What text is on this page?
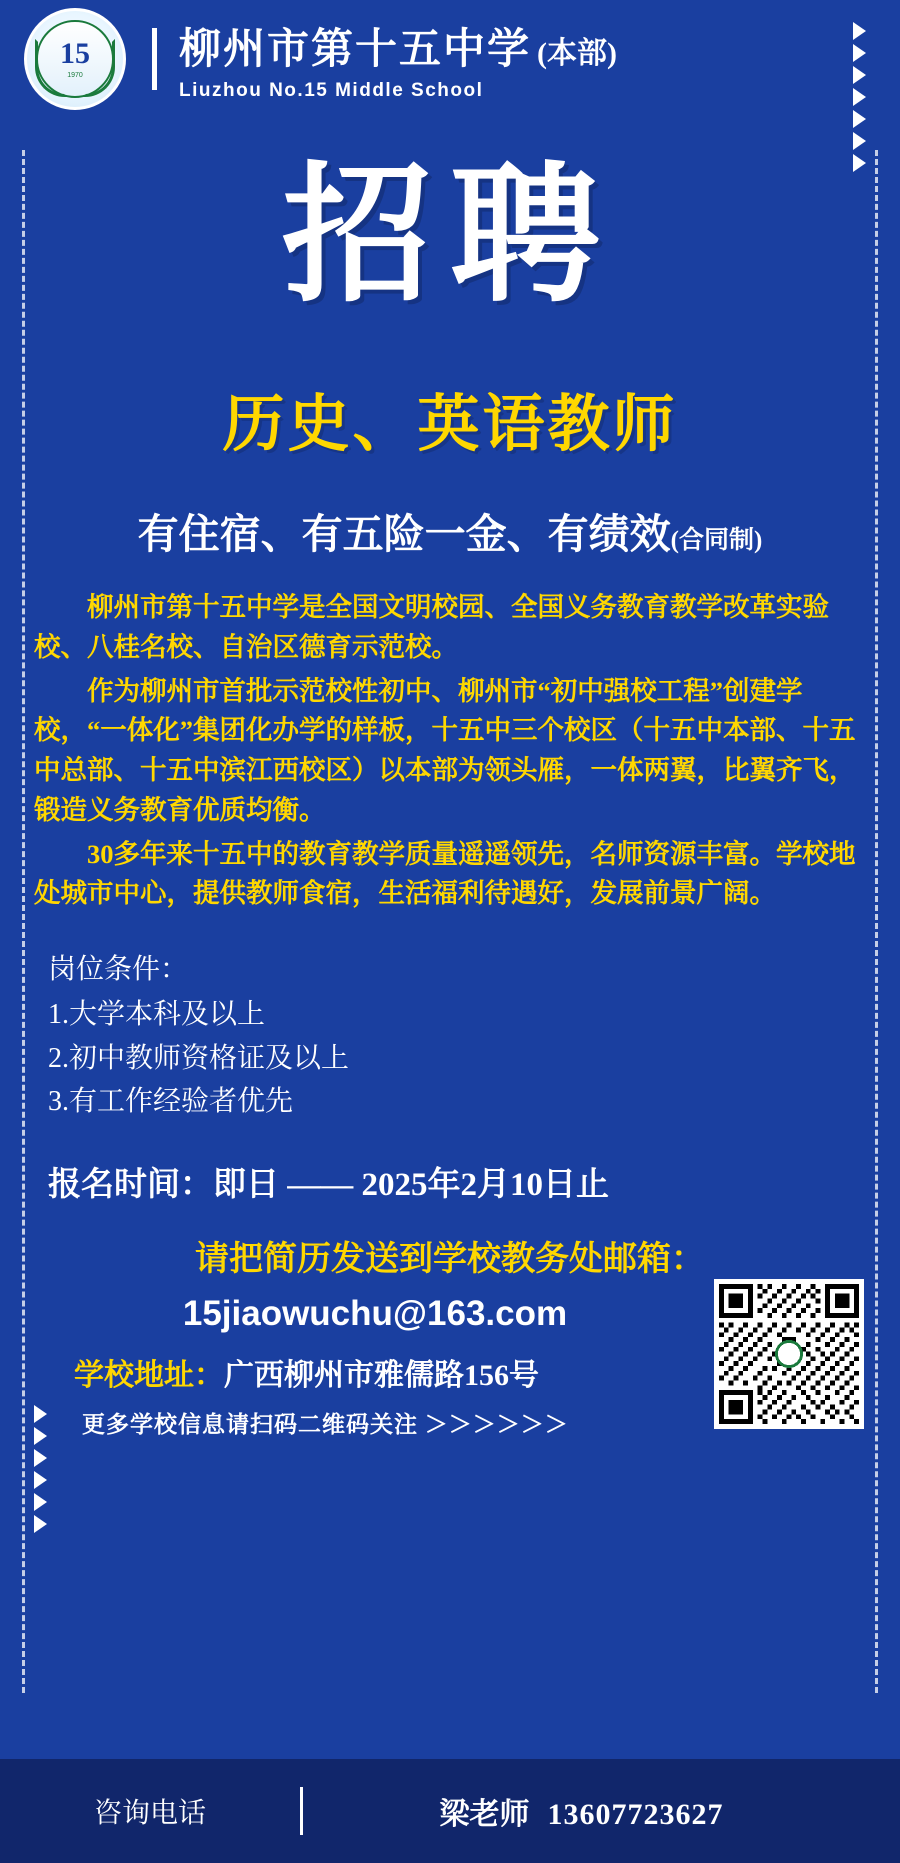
15
1970
柳州市第十五中学 (本部)
Liuzhou No.15 Middle School
招聘
历史、英语教师
有住宿、有五险一金、有绩效(合同制)

柳州市第十五中学是全国文明校园、全国义务教育教学改革实验校、八桂名校、自治区德育示范校。

作为柳州市首批示范校性初中、柳州市“初中强校工程”创建学校，“一体化”集团化办学的样板，十五中三个校区（十五中本部、十五中总部、十五中滨江西校区）以本部为领头雁，一体两翼，比翼齐飞，锻造义务教育优质均衡。

30多年来十五中的教育教学质量遥遥领先，名师资源丰富。学校地处城市中心，提供教师食宿，生活福利待遇好，发展前景广阔。

岗位条件：
1.大学本科及以上
2.初中教师资格证及以上
3.有工作经验者优先
报名时间：即日 —— 2025年2月10日止
请把简历发送到学校教务处邮箱：
15jiaowuchu@163.com
学校地址：广西柳州市雅儒路156号
更多学校信息请扫码二维码关注 ＞＞＞＞＞＞
咨询电话	梁老师 13607723627
